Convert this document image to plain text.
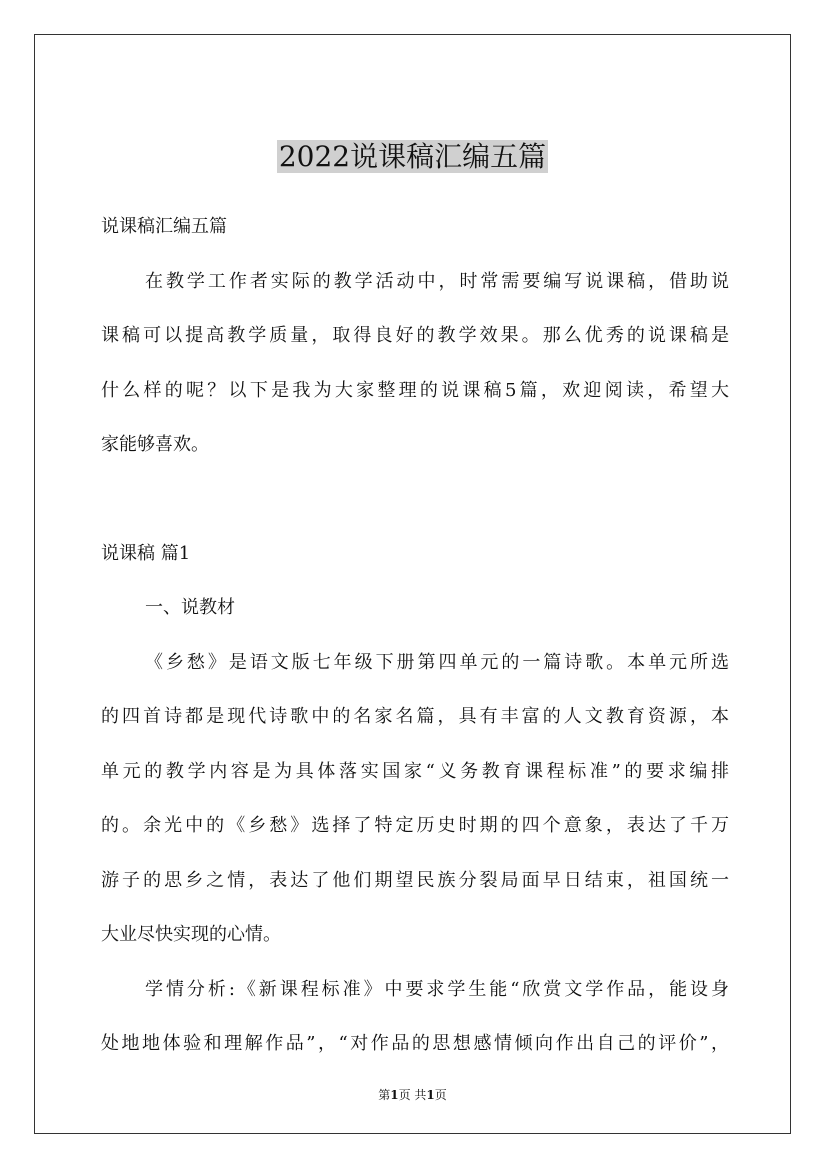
2022说课稿汇编五篇
说课稿汇编五篇
在教学工作者实际的教学活动中，时常需要编写说课稿，借助说
课稿可以提高教学质量，取得良好的教学效果。那么优秀的说课稿是
什么样的呢？以下是我为大家整理的说课稿5篇，欢迎阅读，希望大
家能够喜欢。
说课稿 篇1
一、说教材
《乡愁》是语文版七年级下册第四单元的一篇诗歌。本单元所选
的四首诗都是现代诗歌中的名家名篇，具有丰富的人文教育资源，本
单元的教学内容是为具体落实国家“义务教育课程标准”的要求编排
的。余光中的《乡愁》选择了特定历史时期的四个意象，表达了千万
游子的思乡之情，表达了他们期望民族分裂局面早日结束，祖国统一
大业尽快实现的心情。
学情分析:《新课程标准》中要求学生能“欣赏文学作品，能设身
处地地体验和理解作品”，“对作品的思想感情倾向作出自己的评价”，
第1页 共1页
